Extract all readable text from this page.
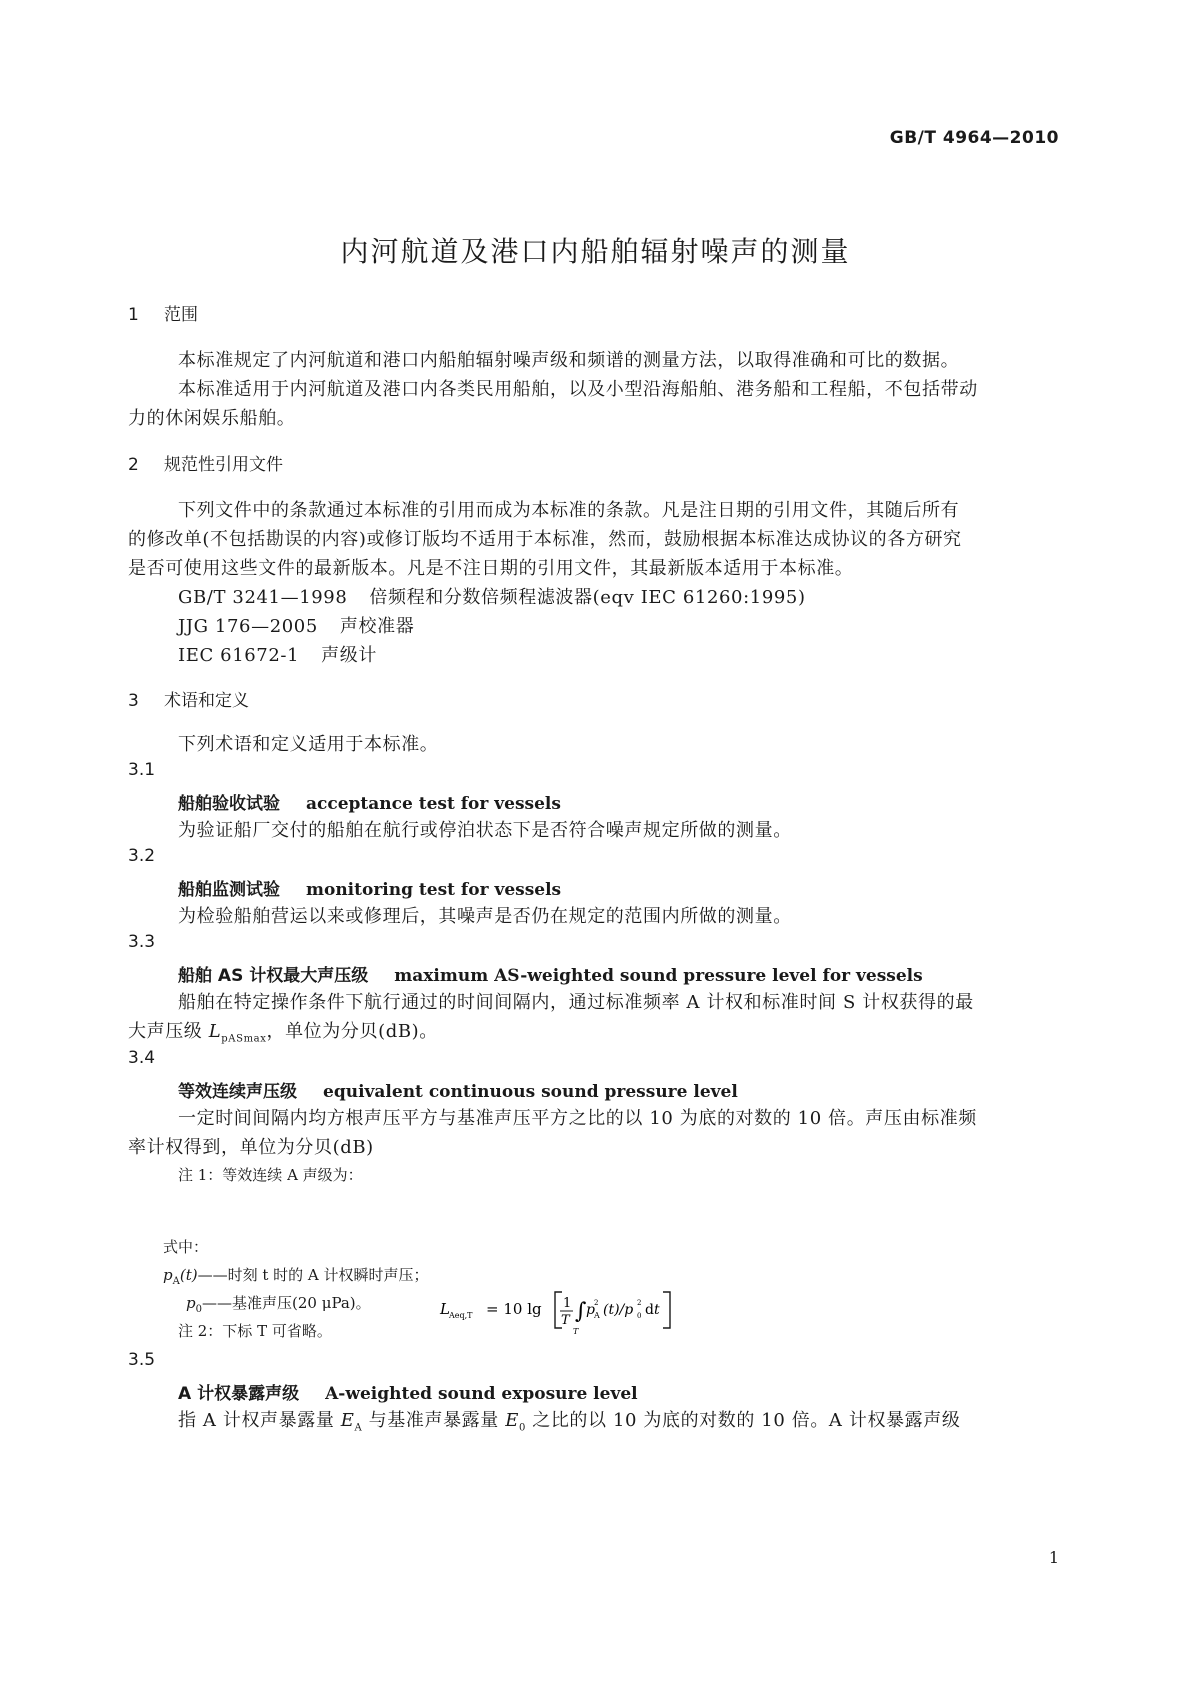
GB/T 4964—2010
内河航道及港口内船舶辐射噪声的测量
1 范围
本标准规定了内河航道和港口内船舶辐射噪声级和频谱的测量方法，以取得准确和可比的数据。
本标准适用于内河航道及港口内各类民用船舶，以及小型沿海船舶、港务船和工程船，不包括带动
力的休闲娱乐船舶。
2 规范性引用文件
下列文件中的条款通过本标准的引用而成为本标准的条款。凡是注日期的引用文件，其随后所有
的修改单(不包括勘误的内容)或修订版均不适用于本标准，然而，鼓励根据本标准达成协议的各方研究
是否可使用这些文件的最新版本。凡是不注日期的引用文件，其最新版本适用于本标准。
GB/T 3241—1998 倍频程和分数倍频程滤波器(eqv IEC 61260:1995)
JJG 176—2005 声校准器
IEC 61672-1 声级计
3 术语和定义
下列术语和定义适用于本标准。
3.1
船舶验收试验 acceptance test for vessels
为验证船厂交付的船舶在航行或停泊状态下是否符合噪声规定所做的测量。
3.2
船舶监测试验 monitoring test for vessels
为检验船舶营运以来或修理后，其噪声是否仍在规定的范围内所做的测量。
3.3
船舶 AS 计权最大声压级 maximum AS-weighted sound pressure level for vessels
船舶在特定操作条件下航行通过的时间间隔内，通过标准频率 A 计权和标准时间 S 计权获得的最
大声压级 $L_{pASmax}$，单位为分贝(dB)。
3.4
等效连续声压级 equivalent continuous sound pressure level
一定时间间隔内均方根声压平方与基准声压平方之比的以 10 为底的对数的 10 倍。声压由标准频
率计权得到，单位为分贝(dB)
注 1：等效连续 A 声级为：
L Aeq,T = 10 lg 1
T ∫
T
p 2
A (t)/p 2
0 d t
式中：
$p_A(t)——$时刻 t 时的 A 计权瞬时声压；
$p_0——$基准声压(20 μPa)。
注 2：下标 T 可省略。
3.5
A 计权暴露声级 A-weighted sound exposure level
指 A 计权声暴露量 $E_A$ 与基准声暴露量 $E_0$ 之比的以 10 为底的对数的 10 倍。A 计权暴露声级
1
